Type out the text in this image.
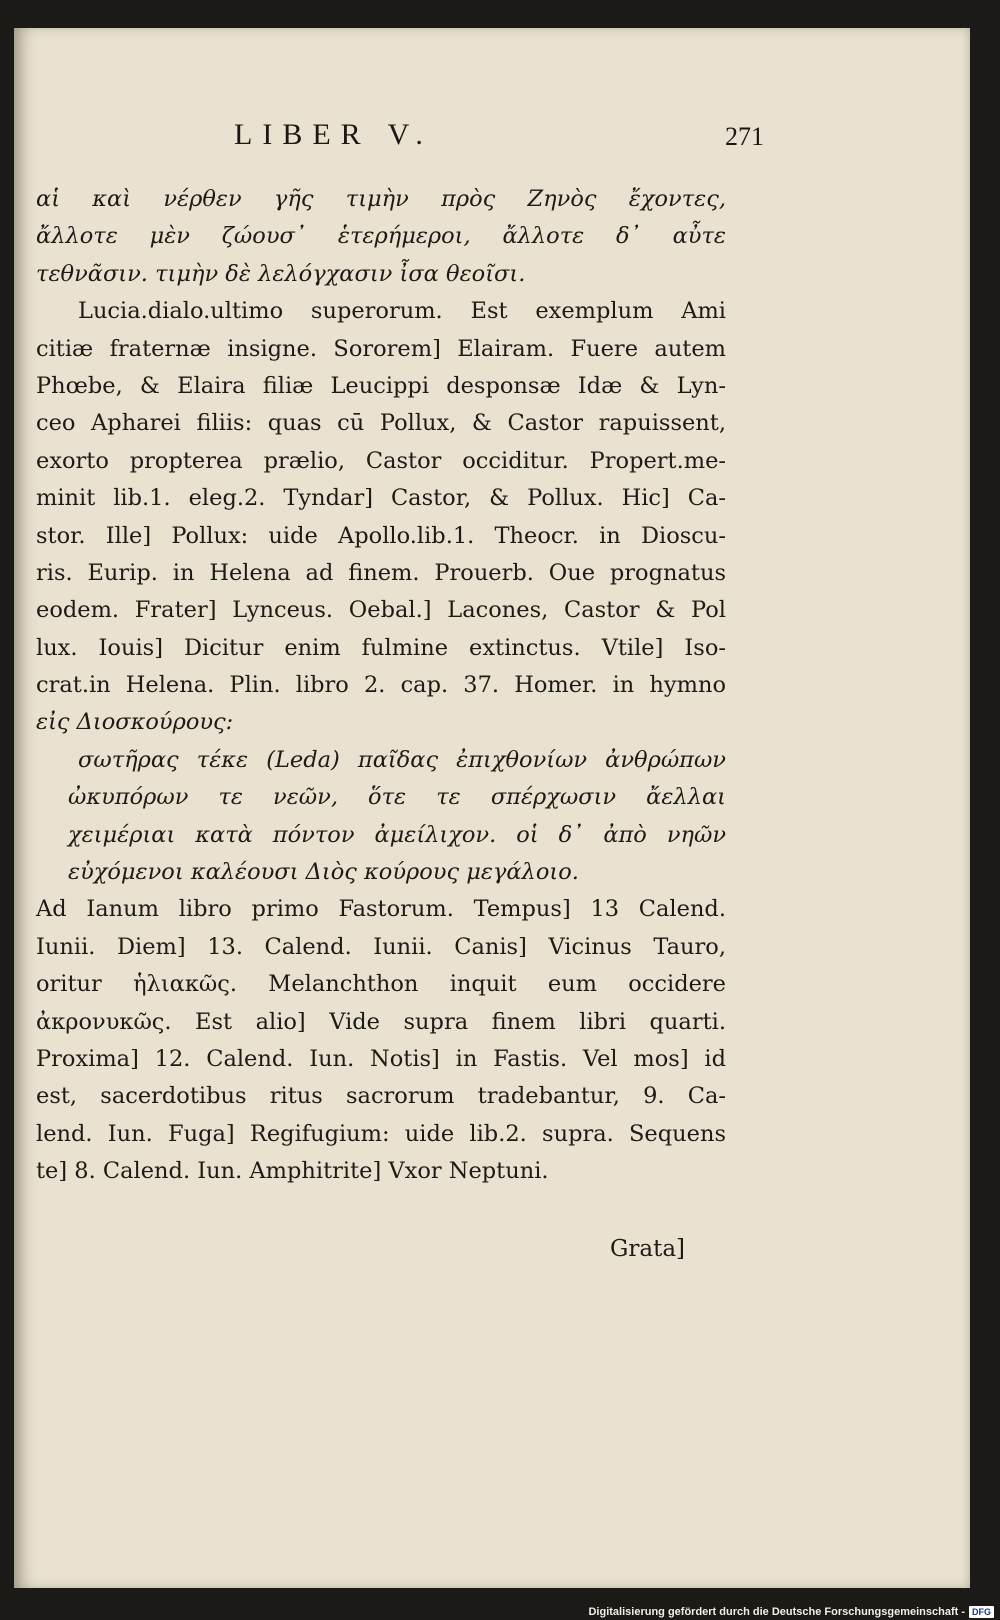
LIBER V.	271
αἱ καὶ νέρθεν γῆς τιμὴν πρὸς Ζηνὸς ἔχοντες,
ἄλλοτε μὲν ζώουσ᾽ ἑτερήμεροι, ἄλλοτε δ᾽ αὖτε
τεθνᾶσιν. τιμὴν δὲ λελόγχασιν ἶσα θεοῖσι.
Lucia.dialo.ultimo superorum. Est exemplum Ami
citiæ fraternæ insigne. Sororem] Elairam. Fuere autem
Phœbe, & Elaira filiæ Leucippi desponsæ Idæ & Lyn-
ceo Apharei filiis: quas cū Pollux, & Castor rapuissent,
exorto propterea prælio, Castor occiditur. Propert.me-
minit lib.1. eleg.2. Tyndar] Castor, & Pollux. Hic] Ca-
stor. Ille] Pollux: uide Apollo.lib.1. Theocr. in Dioscu-
ris. Eurip. in Helena ad finem. Prouerb. Oue prognatus
eodem. Frater] Lynceus. Oebal.] Lacones, Castor & Pol
lux. Iouis] Dicitur enim fulmine extinctus. Vtile] Iso-
crat.in Helena. Plin. libro 2. cap. 37. Homer. in hymno
εἰς Διοσκούρους:
σωτῆρας τέκε (Leda) παῖδας ἐπιχθονίων ἀνθρώπων
ὠκυπόρων τε νεῶν, ὅτε τε σπέρχωσιν ἄελλαι
χειμέριαι κατὰ πόντον ἀμείλιχον. οἱ δ᾽ ἀπὸ νηῶν
εὐχόμενοι καλέουσι Διὸς κούρους μεγάλοιο.
Ad Ianum libro primo Fastorum. Tempus] 13 Calend.
Iunii. Diem] 13. Calend. Iunii. Canis] Vicinus Tauro,
oritur ἡλιακῶς. Melanchthon inquit eum occidere
ἀκρονυκῶς. Est alio] Vide supra finem libri quarti.
Proxima] 12. Calend. Iun. Notis] in Fastis. Vel mos] id
est, sacerdotibus ritus sacrorum tradebantur, 9. Ca-
lend. Iun. Fuga] Regifugium: uide lib.2. supra. Sequens
te] 8. Calend. Iun. Amphitrite] Vxor Neptuni.
Grata]
Digitalisierung gefördert durch die Deutsche Forschungsgemeinschaft - DFG
